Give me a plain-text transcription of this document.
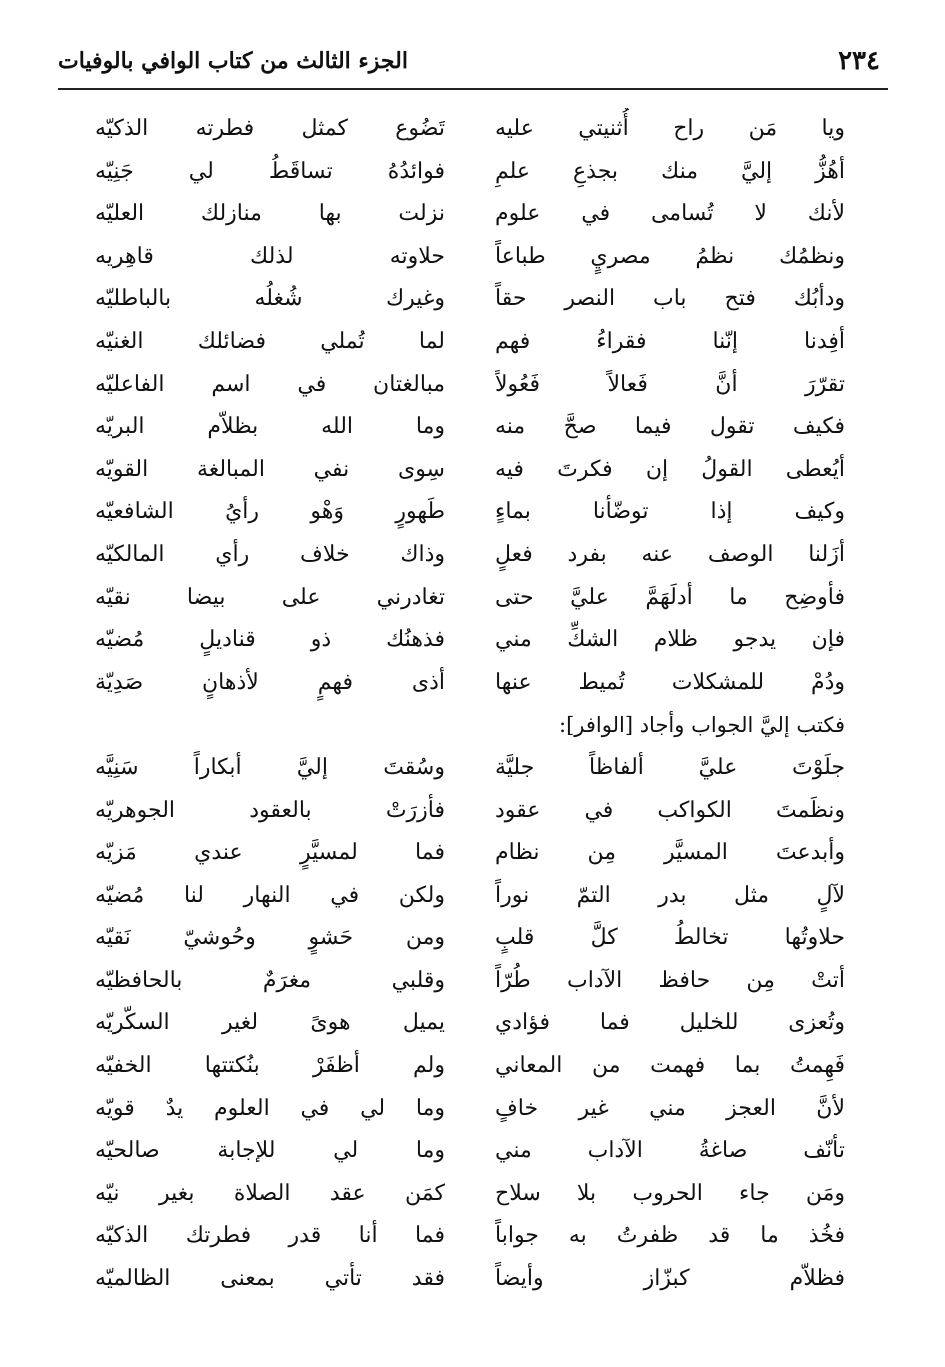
٢٣٤
الجزء الثالث من كتاب الوافي بالوفيات
ويا مَن راح أُثنيتي عليه
أهُزُّ إليَّ منك بجذعِ علمِ
لأنك لا تُسامى في علوم
ونظمُك نظمُ مصريٍ طباعاً
ودأبُك فتح باب النصر حقاً
أفِدنا إنّنا فقراءُ فهم
تقرّرَ أنَّ فَعالاً فَعُولاً
فكيف تقول فيما صحَّ منه
أيُعطى القولُ إن فكرتَ فيه
وكيف إذا توضّأنا بماءٍ
أزَلنا الوصف عنه بفرد فعلٍ
فأوضِح ما أدلَهَمَّ عليَّ حتى
فإن يدجو ظلام الشكِّ مني
ودُمْ للمشكلات تُميط عنها
فكتب إليَّ الجواب وأجاد [الوافر]:
جلَوْتَ عليَّ ألفاظاً جليَّة
ونظَمتَ الكواكب في عقود
وأبدعتَ المسيَّر مِن نظام
لآلٍ مثل بدر التمّ نوراً
حلاوتُها تخالطُ كلَّ قلبٍ
أتتْ مِن حافظ الآداب طُرّاً
وتُعزى للخليل فما فؤادي
فَهِمتُ بما فهمت من المعاني
لأنَّ العجز مني غير خافٍ
تأنّف صاغةُ الآداب مني
ومَن جاء الحروب بلا سلاح
فخُذ ما قد ظفرتُ به جواباً
فظلاّم كبزّاز وأيضاً
تَضُوع كمثل فطرته الذكيّه
فوائدُهُ تساقَطُ لي جَنِيّه
نزلت بها منازلك العليّه
حلاوته لذلك قاهِريه
وغيرك شُغلُه بالباطليّه
لما تُملي فضائلك الغنيّه
مبالغتان في اسم الفاعليّه
وما الله بظلاّم البريّه
سِوى نفي المبالغة القويّه
طَهورٍ وَهْو رأيُ الشافعيّه
وذاك خلاف رأي المالكيّه
تغادرني على بيضا نقيّه
فذهنُك ذو قناديلٍ مُضيّه
أذى فهمٍ لأذهانٍ صَدِيّة
وسُقتَ إليَّ أبكاراً سَنِيَّه
فأزرَتْ بالعقود الجوهريّه
فما لمسيَّرٍ عندي مَزيّه
ولكن في النهار لنا مُضيّه
ومن حَشوٍ وحُوشيّ نَقيّه
وقلبي مغرَمٌ بالحافظيّه
يميل هوىً لغير السكّريّه
ولم أظفَرْ بنُكتتها الخفيّه
وما لي في العلوم يدٌ قويّه
وما لي للإجابة صالحيّه
كمَن عقد الصلاة بغير نيّه
فما أنا قدر فطرتك الذكيّه
فقد تأتي بمعنى الظالميّه
